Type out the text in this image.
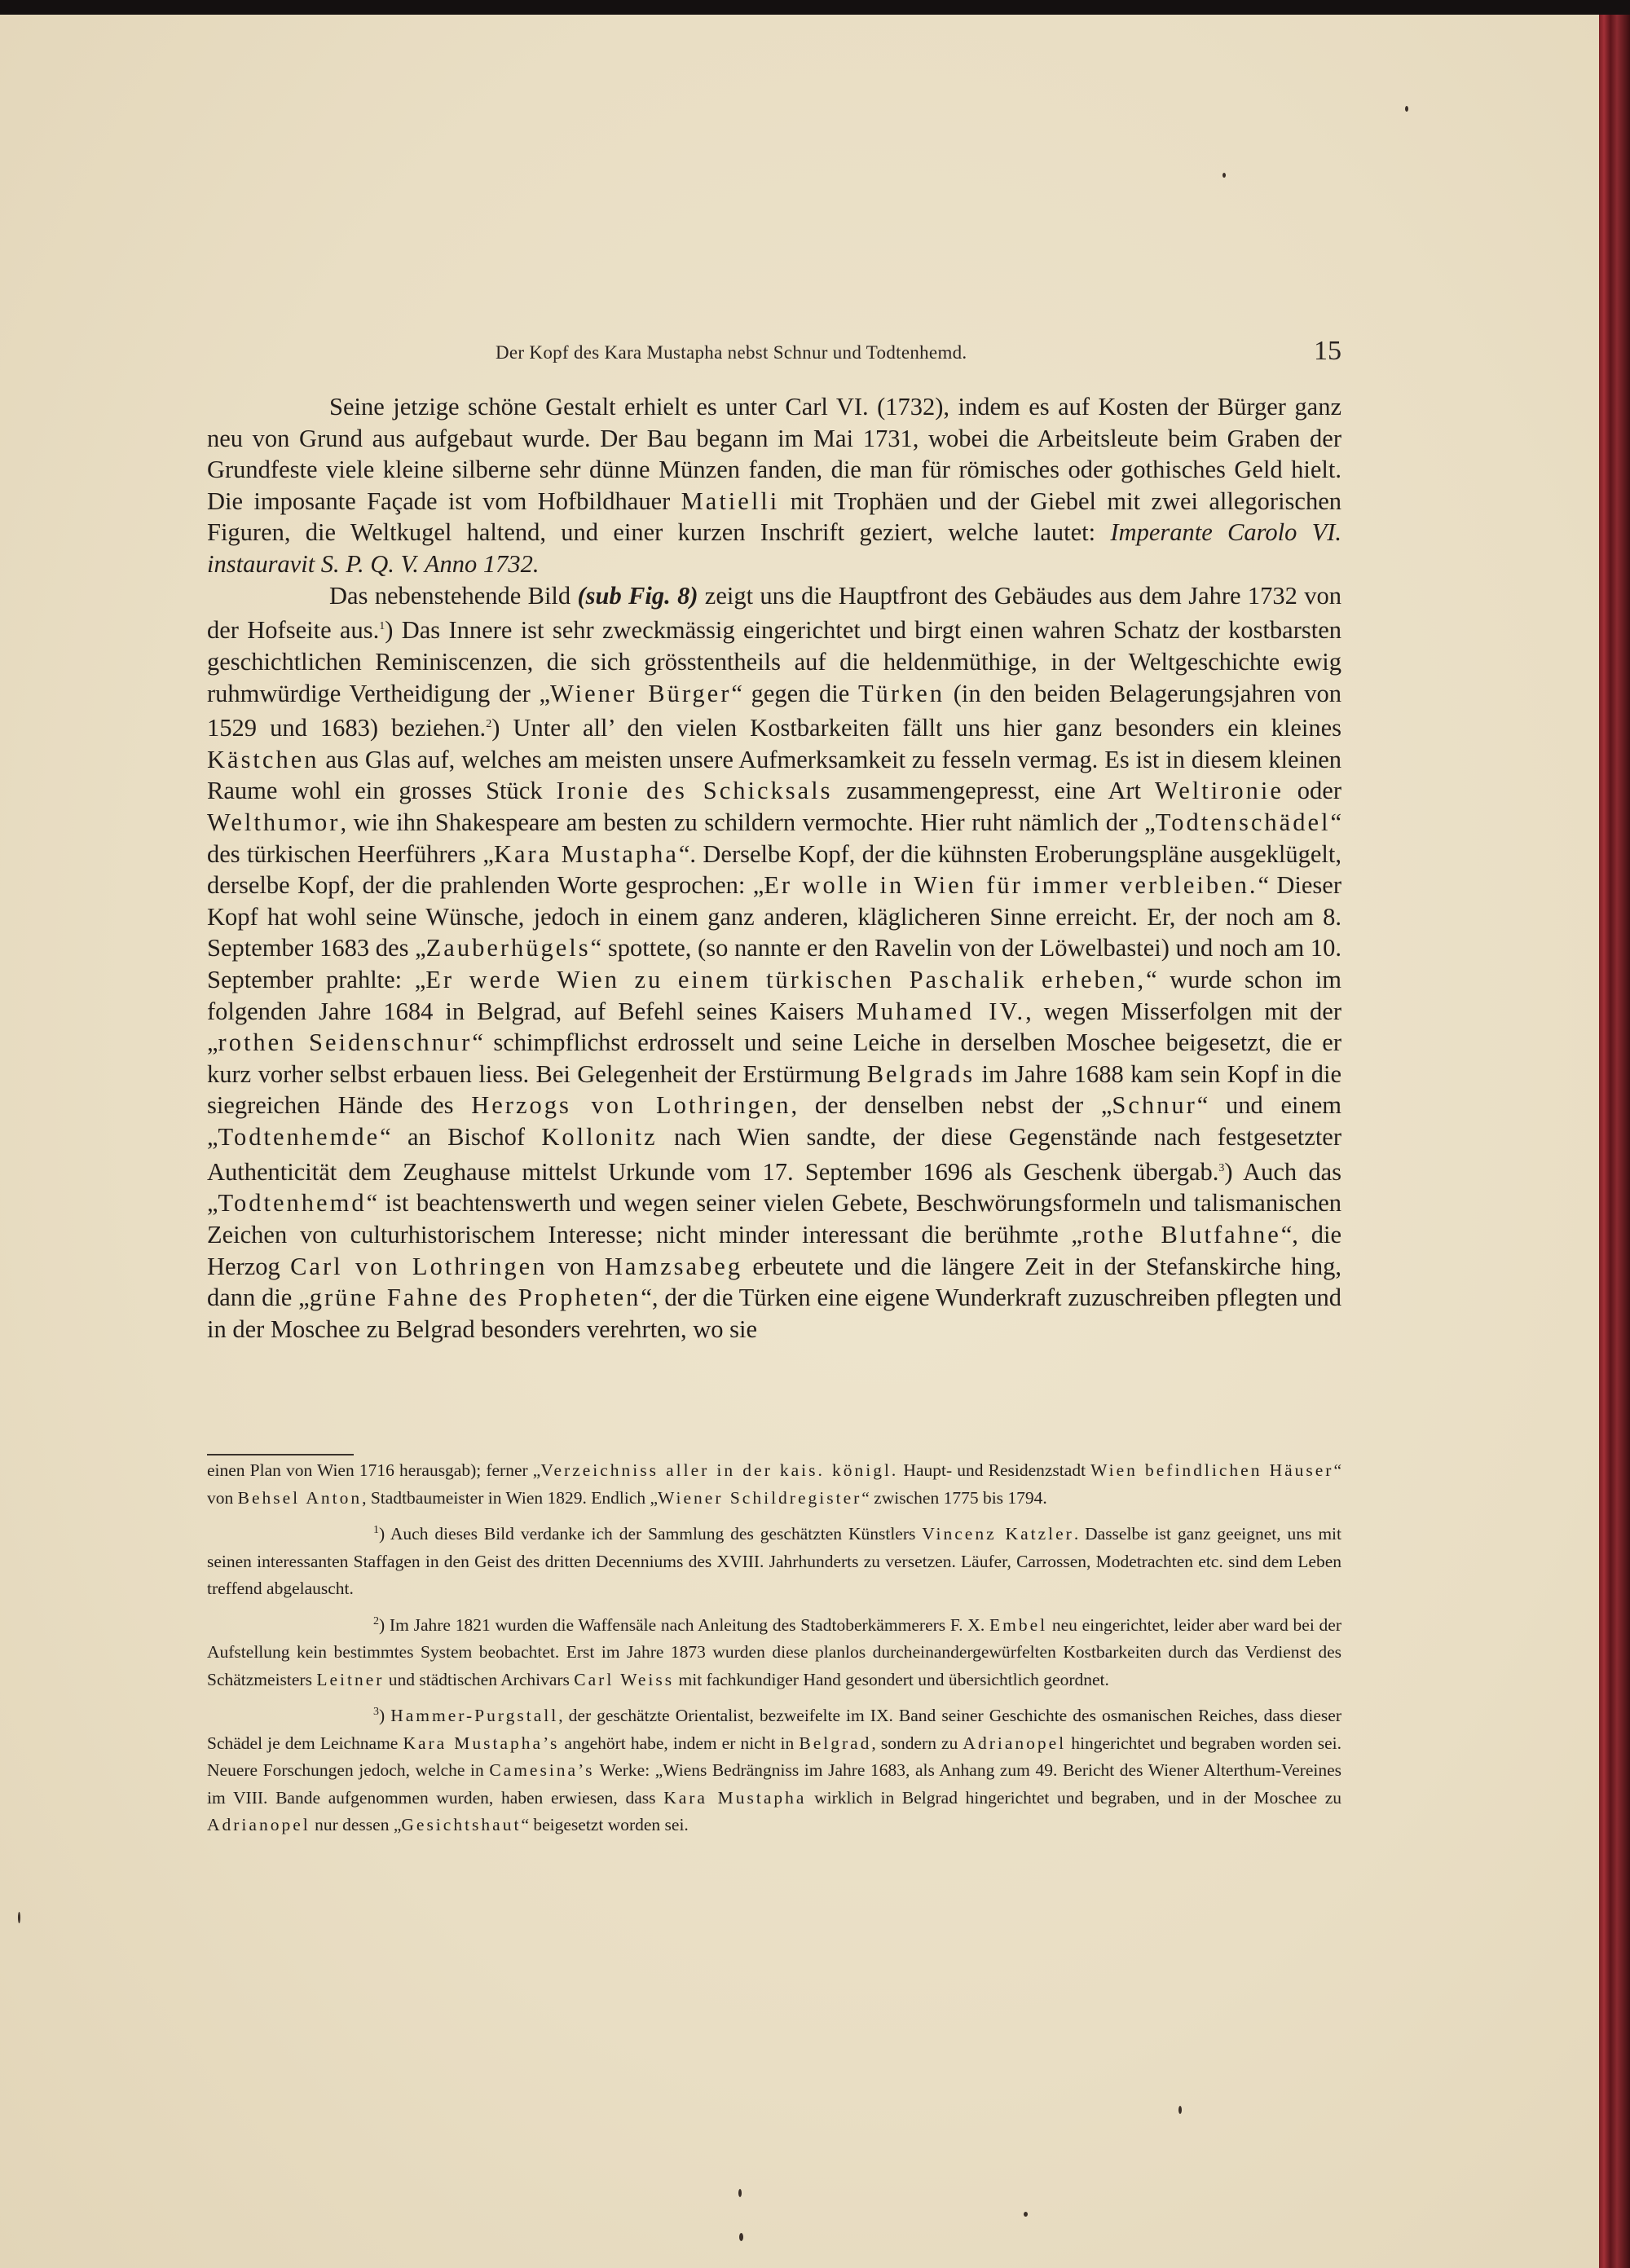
Der Kopf des Kara Mustapha nebst Schnur und Todtenhemd.	15

Seine jetzige schöne Gestalt erhielt es unter Carl VI. (1732), indem es auf Kosten der Bürger ganz neu von Grund aus aufgebaut wurde. Der Bau begann im Mai 1731, wobei die Arbeitsleute beim Graben der Grundfeste viele kleine silberne sehr dünne Münzen fanden, die man für römisches oder gothisches Geld hielt. Die imposante Façade ist vom Hofbildhauer Matielli mit Trophäen und der Giebel mit zwei allegorischen Figuren, die Weltkugel haltend, und einer kurzen Inschrift geziert, welche lautet: Imperante Carolo VI. instauravit S. P. Q. V. Anno 1732.

Das nebenstehende Bild (sub Fig. 8) zeigt uns die Hauptfront des Gebäudes aus dem Jahre 1732 von der Hofseite aus.$^1$) Das Innere ist sehr zweckmässig eingerichtet und birgt einen wahren Schatz der kostbarsten geschichtlichen Reminiscenzen, die sich grösstentheils auf die heldenmüthige, in der Weltgeschichte ewig ruhmwürdige Vertheidigung der „Wiener Bürger“ gegen die Türken (in den beiden Belagerungsjahren von 1529 und 1683) beziehen.$^2$) Unter all’ den vielen Kostbarkeiten fällt uns hier ganz besonders ein kleines Kästchen aus Glas auf, welches am meisten unsere Aufmerksamkeit zu fesseln vermag. Es ist in diesem kleinen Raume wohl ein grosses Stück Ironie des Schicksals zusammengepresst, eine Art Weltironie oder Welthumor, wie ihn Shakespeare am besten zu schildern vermochte. Hier ruht nämlich der „Todtenschädel“ des türkischen Heerführers „Kara Mustapha“. Derselbe Kopf, der die kühnsten Eroberungspläne ausgeklügelt, derselbe Kopf, der die prahlenden Worte gesprochen: „Er wolle in Wien für immer verbleiben.“ Dieser Kopf hat wohl seine Wünsche, jedoch in einem ganz anderen, kläglicheren Sinne erreicht. Er, der noch am 8. September 1683 des „Zauberhügels“ spottete, (so nannte er den Ravelin von der Löwelbastei) und noch am 10. September prahlte: „Er werde Wien zu einem türkischen Paschalik erheben,“ wurde schon im folgenden Jahre 1684 in Belgrad, auf Befehl seines Kaisers Muhamed IV., wegen Misserfolgen mit der „rothen Seidenschnur“ schimpflichst erdrosselt und seine Leiche in derselben Moschee beigesetzt, die er kurz vorher selbst erbauen liess. Bei Gelegenheit der Erstürmung Belgrads im Jahre 1688 kam sein Kopf in die siegreichen Hände des Herzogs von Lothringen, der denselben nebst der „Schnur“ und einem „Todtenhemde“ an Bischof Kollonitz nach Wien sandte, der diese Gegenstände nach festgesetzter Authenticität dem Zeughause mittelst Urkunde vom 17. September 1696 als Geschenk übergab.$^3$) Auch das „Todtenhemd“ ist beachtenswerth und wegen seiner vielen Gebete, Beschwörungsformeln und talismanischen Zeichen von culturhistorischem Interesse; nicht minder interessant die berühmte „rothe Blutfahne“, die Herzog Carl von Lothringen von Hamzsabeg erbeutete und die längere Zeit in der Stefanskirche hing, dann die „grüne Fahne des Propheten“, der die Türken eine eigene Wunderkraft zuzuschreiben pflegten und in der Moschee zu Belgrad besonders verehrten, wo sie

einen Plan von Wien 1716 herausgab); ferner „Verzeichniss aller in der kais. königl. Haupt- und Residenzstadt Wien befindlichen Häuser“ von Behsel Anton, Stadtbaumeister in Wien 1829. Endlich „Wiener Schildregister“ zwischen 1775 bis 1794.

$^1$) Auch dieses Bild verdanke ich der Sammlung des geschätzten Künstlers Vincenz Katzler. Dasselbe ist ganz geeignet, uns mit seinen interessanten Staffagen in den Geist des dritten Decenniums des XVIII. Jahrhunderts zu versetzen. Läufer, Carrossen, Modetrachten etc. sind dem Leben treffend abgelauscht.

$^2$) Im Jahre 1821 wurden die Waffensäle nach Anleitung des Stadtoberkämmerers F. X. Embel neu eingerichtet, leider aber ward bei der Aufstellung kein bestimmtes System beobachtet. Erst im Jahre 1873 wurden diese planlos durcheinandergewürfelten Kostbarkeiten durch das Verdienst des Schätzmeisters Leitner und städtischen Archivars Carl Weiss mit fachkundiger Hand gesondert und übersichtlich geordnet.

$^3$) Hammer-Purgstall, der geschätzte Orientalist, bezweifelte im IX. Band seiner Geschichte des osmanischen Reiches, dass dieser Schädel je dem Leichname Kara Mustapha’s angehört habe, indem er nicht in Belgrad, sondern zu Adrianopel hingerichtet und begraben worden sei. Neuere Forschungen jedoch, welche in Camesina’s Werke: „Wiens Bedrängniss im Jahre 1683, als Anhang zum 49. Bericht des Wiener Alterthum-Vereines im VIII. Bande aufgenommen wurden, haben erwiesen, dass Kara Mustapha wirklich in Belgrad hingerichtet und begraben, und in der Moschee zu Adrianopel nur dessen „Gesichtshaut“ beigesetzt worden sei.
